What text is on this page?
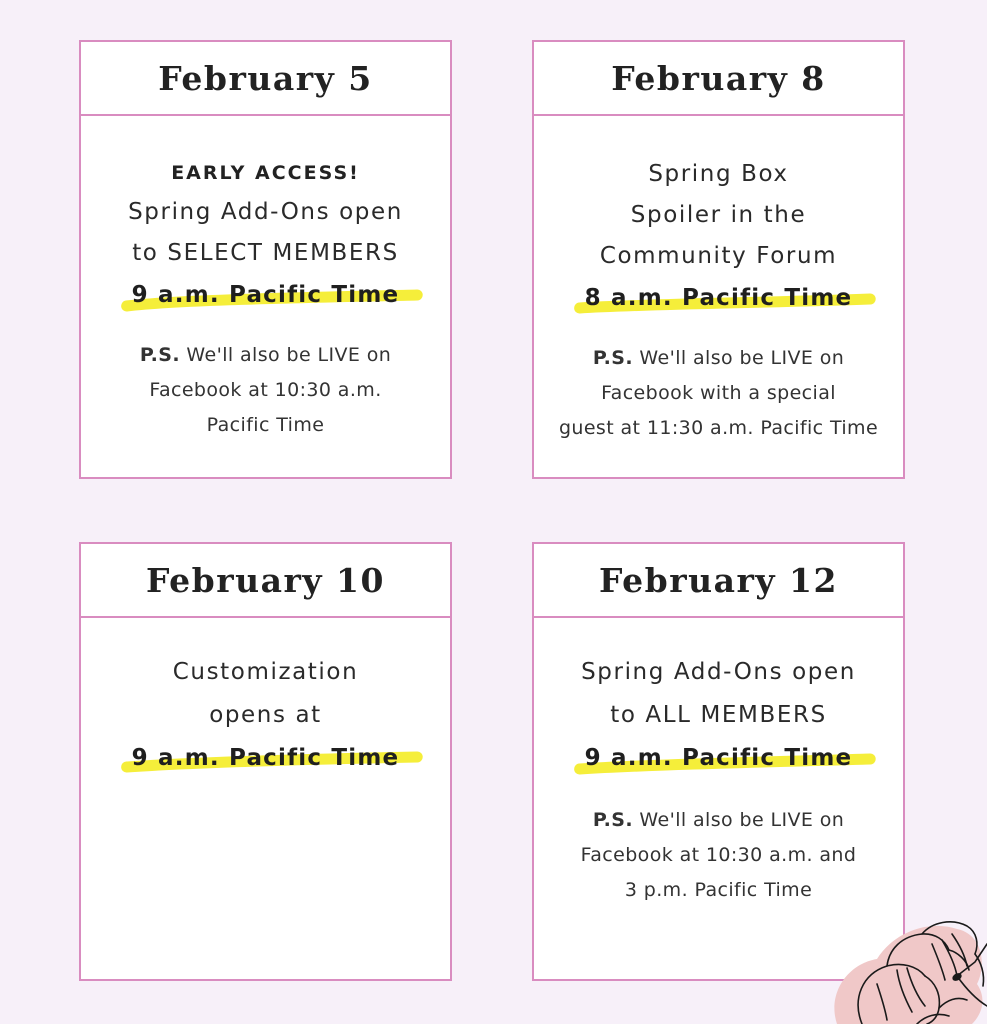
February 5
EARLY ACCESS!
Spring Add-Ons open
to SELECT MEMBERS
9 a.m. Pacific Time
P.S. We'll also be LIVE on
Facebook at 10:30 a.m.
Pacific Time
February 8
Spring Box
Spoiler in the
Community Forum
8 a.m. Pacific Time
P.S. We'll also be LIVE on
Facebook with a special
guest at 11:30 a.m. Pacific Time
February 10
Customization
opens at
9 a.m. Pacific Time
February 12
Spring Add-Ons open
to ALL MEMBERS
9 a.m. Pacific Time
P.S. We'll also be LIVE on
Facebook at 10:30 a.m. and
3 p.m. Pacific Time
